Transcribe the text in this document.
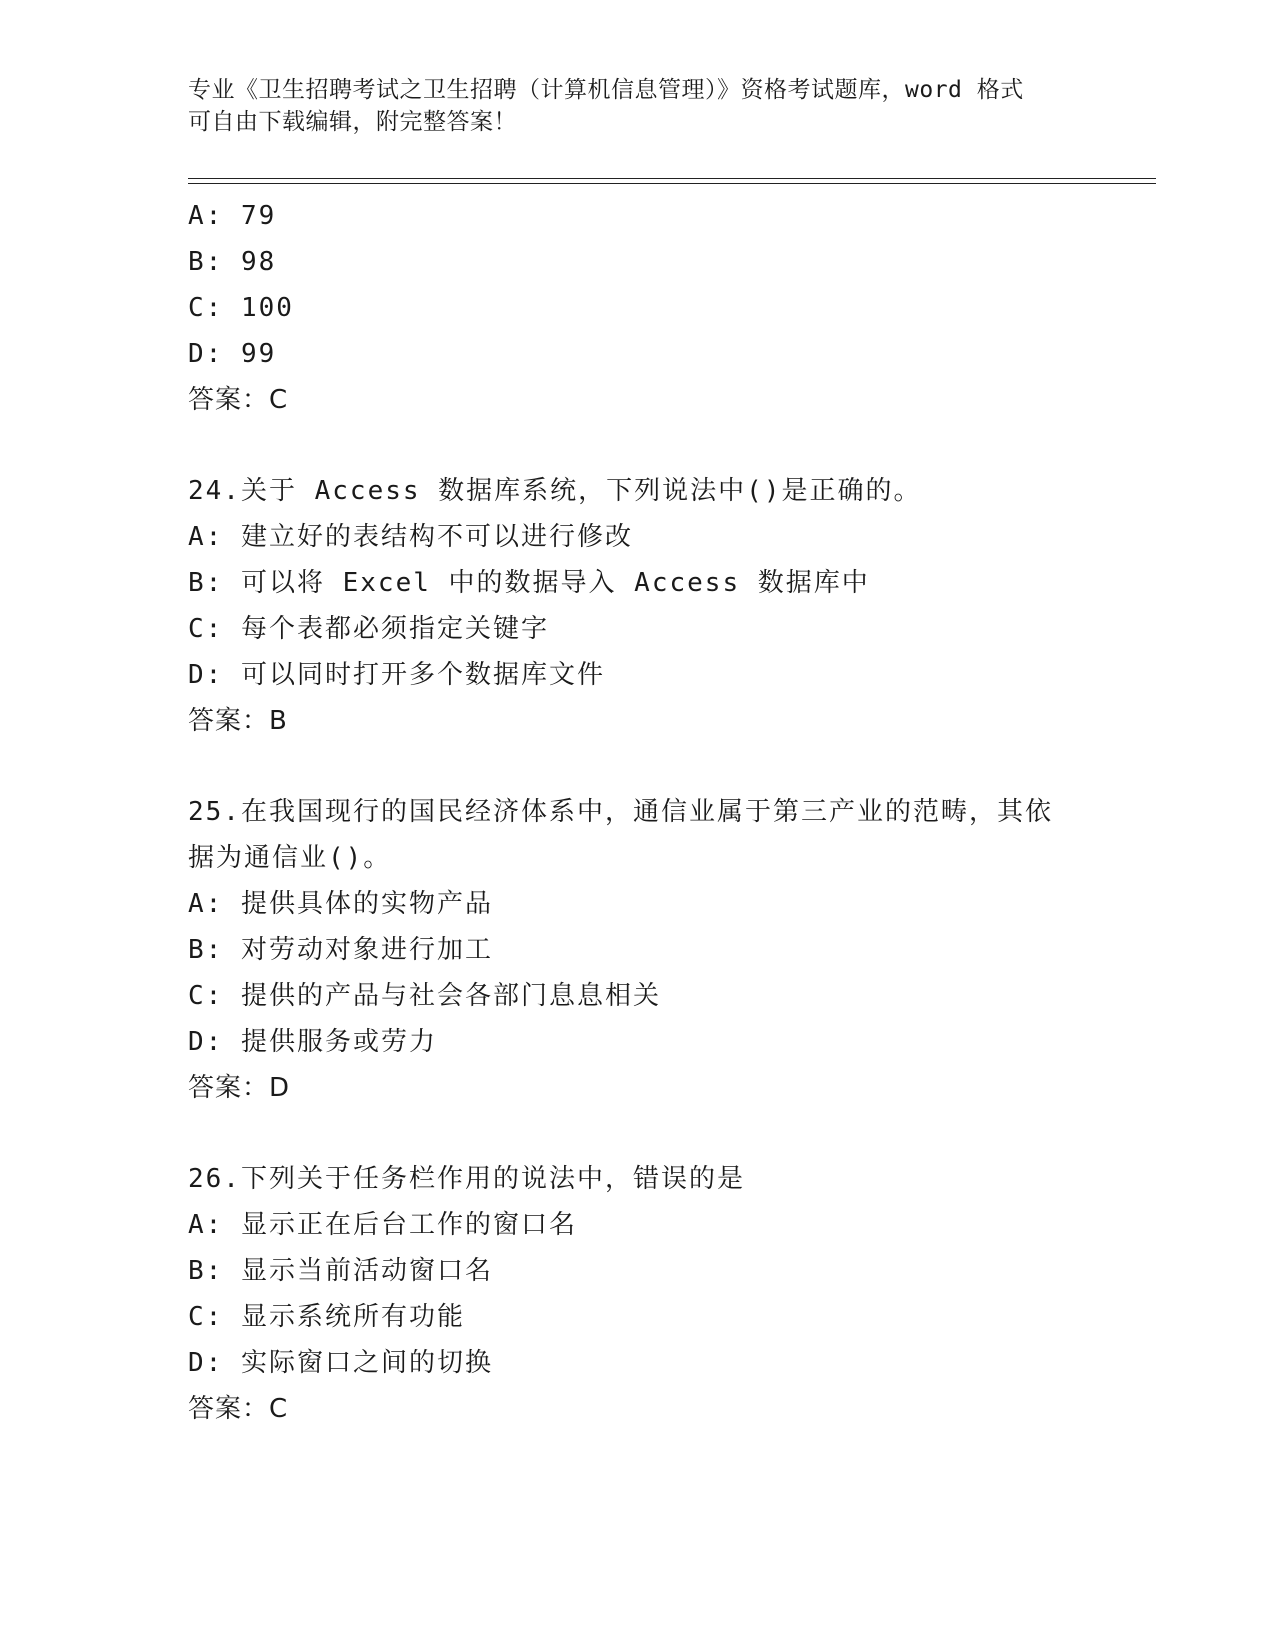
专业《卫生招聘考试之卫生招聘（计算机信息管理）》资格考试题库，word 格式
可自由下载编辑，附完整答案！
A: 79
B: 98
C: 100
D: 99
答案：C
24.关于 Access 数据库系统，下列说法中()是正确的。
A: 建立好的表结构不可以进行修改
B: 可以将 Excel 中的数据导入 Access 数据库中
C: 每个表都必须指定关键字
D: 可以同时打开多个数据库文件
答案：B
25.在我国现行的国民经济体系中，通信业属于第三产业的范畴，其依
据为通信业()。
A: 提供具体的实物产品
B: 对劳动对象进行加工
C: 提供的产品与社会各部门息息相关
D: 提供服务或劳力
答案：D
26.下列关于任务栏作用的说法中，错误的是
A: 显示正在后台工作的窗口名
B: 显示当前活动窗口名
C: 显示系统所有功能
D: 实际窗口之间的切换
答案：C
